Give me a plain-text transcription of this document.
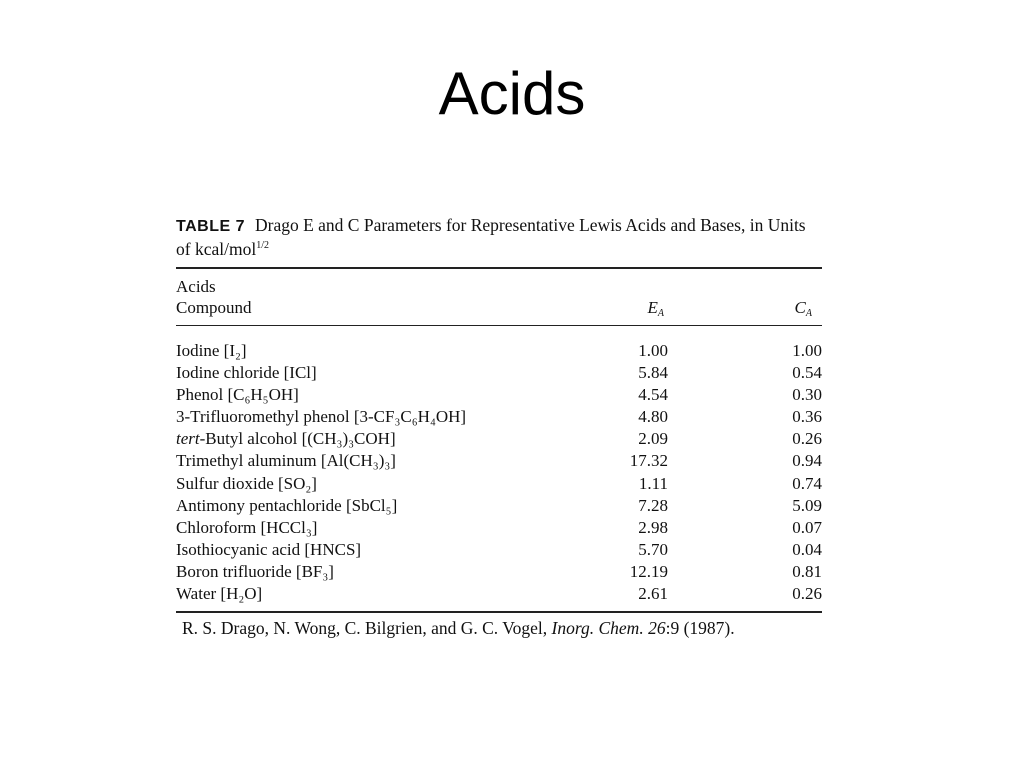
Acids
TABLE 7 Drago E and C Parameters for Representative Lewis Acids and Bases, in Units of kcal/mol$^{1/2}$
Acids
Compound	EA	CA
Iodine [I₂]	1.00	1.00
Iodine chloride [ICl]	5.84	0.54
Phenol [C₆H₅OH]	4.54	0.30
3-Trifluoromethyl phenol [3-CF₃C₆H₄OH]	4.80	0.36
tert-Butyl alcohol [(CH₃)₃COH]	2.09	0.26
Trimethyl aluminum [Al(CH₃)₃]	17.32	0.94
Sulfur dioxide [SO₂]	1.11	0.74
Antimony pentachloride [SbCl₅]	7.28	5.09
Chloroform [HCCl₃]	2.98	0.07
Isothiocyanic acid [HNCS]	5.70	0.04
Boron trifluoride [BF₃]	12.19	0.81
Water [H₂O]	2.61	0.26
R. S. Drago, N. Wong, C. Bilgrien, and G. C. Vogel, Inorg. Chem. 26:9 (1987).
